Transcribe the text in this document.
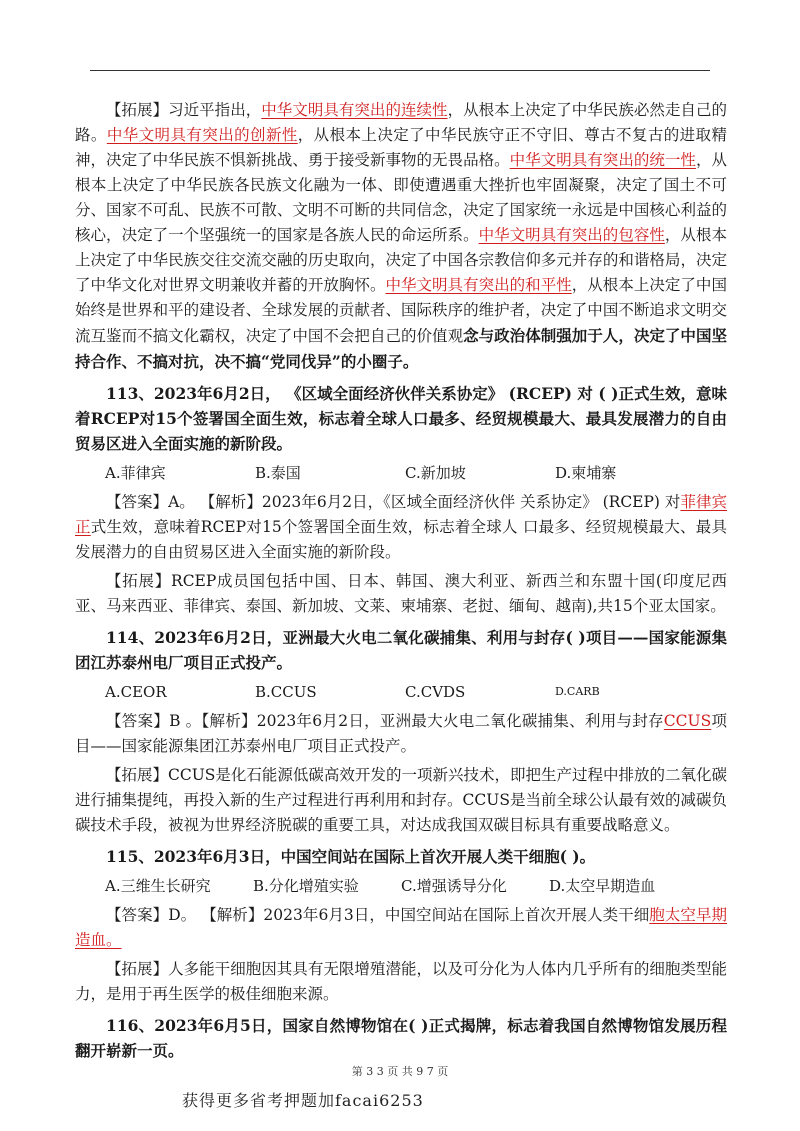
【拓展】习近平指出，中华文明具有突出的连续性，从根本上决定了中华民族必然走自己的路。中华文明具有突出的创新性，从根本上决定了中华民族守正不守旧、尊古不复古的进取精神，决定了中华民族不惧新挑战、勇于接受新事物的无畏品格。中华文明具有突出的统一性，从根本上决定了中华民族各民族文化融为一体、即使遭遇重大挫折也牢固凝聚，决定了国土不可分、国家不可乱、民族不可散、文明不可断的共同信念，决定了国家统一永远是中国核心利益的核心，决定了一个坚强统一的国家是各族人民的命运所系。中华文明具有突出的包容性，从根本上决定了中华民族交往交流交融的历史取向，决定了中国各宗教信仰多元并存的和谐格局，决定了中华文化对世界文明兼收并蓄的开放胸怀。中华文明具有突出的和平性，从根本上决定了中国始终是世界和平的建设者、全球发展的贡献者、国际秩序的维护者，决定了中国不断追求文明交流互鉴而不搞文化霸权，决定了中国不会把自己的价值观念与政治体制强加于人，决定了中国坚持合作、不搞对抗，决不搞“党同伐异”的小圈子。

113、2023年6月2日， 《区域全面经济伙伴关系协定》 (RCEP) 对 ( )正式生效，意味着RCEP对15个签署国全面生效，标志着全球人口最多、经贸规模最大、最具发展潜力的自由贸易区进入全面实施的新阶段。

A.菲律宾	B.泰国	C.新加坡	D.柬埔寨

【答案】A。 【解析】2023年6月2日，《区域全面经济伙伴 关系协定》 (RCEP) 对菲律宾正式生效，意味着RCEP对15个签署国全面生效，标志着全球人 口最多、经贸规模最大、最具发展潜力的自由贸易区进入全面实施的新阶段。

【拓展】RCEP成员国包括中国、日本、韩国、澳大利亚、新西兰和东盟十国(印度尼西亚、马来西亚、菲律宾、泰国、新加坡、文莱、柬埔寨、老挝、缅甸、越南),共15个亚太国家。

114、2023年6月2日，亚洲最大火电二氧化碳捕集、利用与封存( )项目——国家能源集团江苏泰州电厂项目正式投产。

A.CEOR	B.CCUS	C.CVDS	D.CARB

【答案】B 。【解析】2023年6月2日，亚洲最大火电二氧化碳捕集、利用与封存CCUS项目——国家能源集团江苏泰州电厂项目正式投产。

【拓展】CCUS是化石能源低碳高效开发的一项新兴技术，即把生产过程中排放的二氧化碳进行捕集提纯，再投入新的生产过程进行再利用和封存。CCUS是当前全球公认最有效的减碳负碳技术手段，被视为世界经济脱碳的重要工具，对达成我国双碳目标具有重要战略意义。

115、2023年6月3日，中国空间站在国际上首次开展人类干细胞( )。

A.三维生长研究	B.分化增殖实验	C.增强诱导分化	D.太空早期造血

【答案】D。 【解析】2023年6月3日，中国空间站在国际上首次开展人类干细胞太空早期造血。

【拓展】人多能干细胞因其具有无限增殖潜能，以及可分化为人体内几乎所有的细胞类型能力，是用于再生医学的极佳细胞来源。

116、2023年6月5日，国家自然博物馆在( )正式揭牌，标志着我国自然博物馆发展历程翻开崭新一页。

第 3 3 页 共 9 7 页
获得更多省考押题加facai6253
